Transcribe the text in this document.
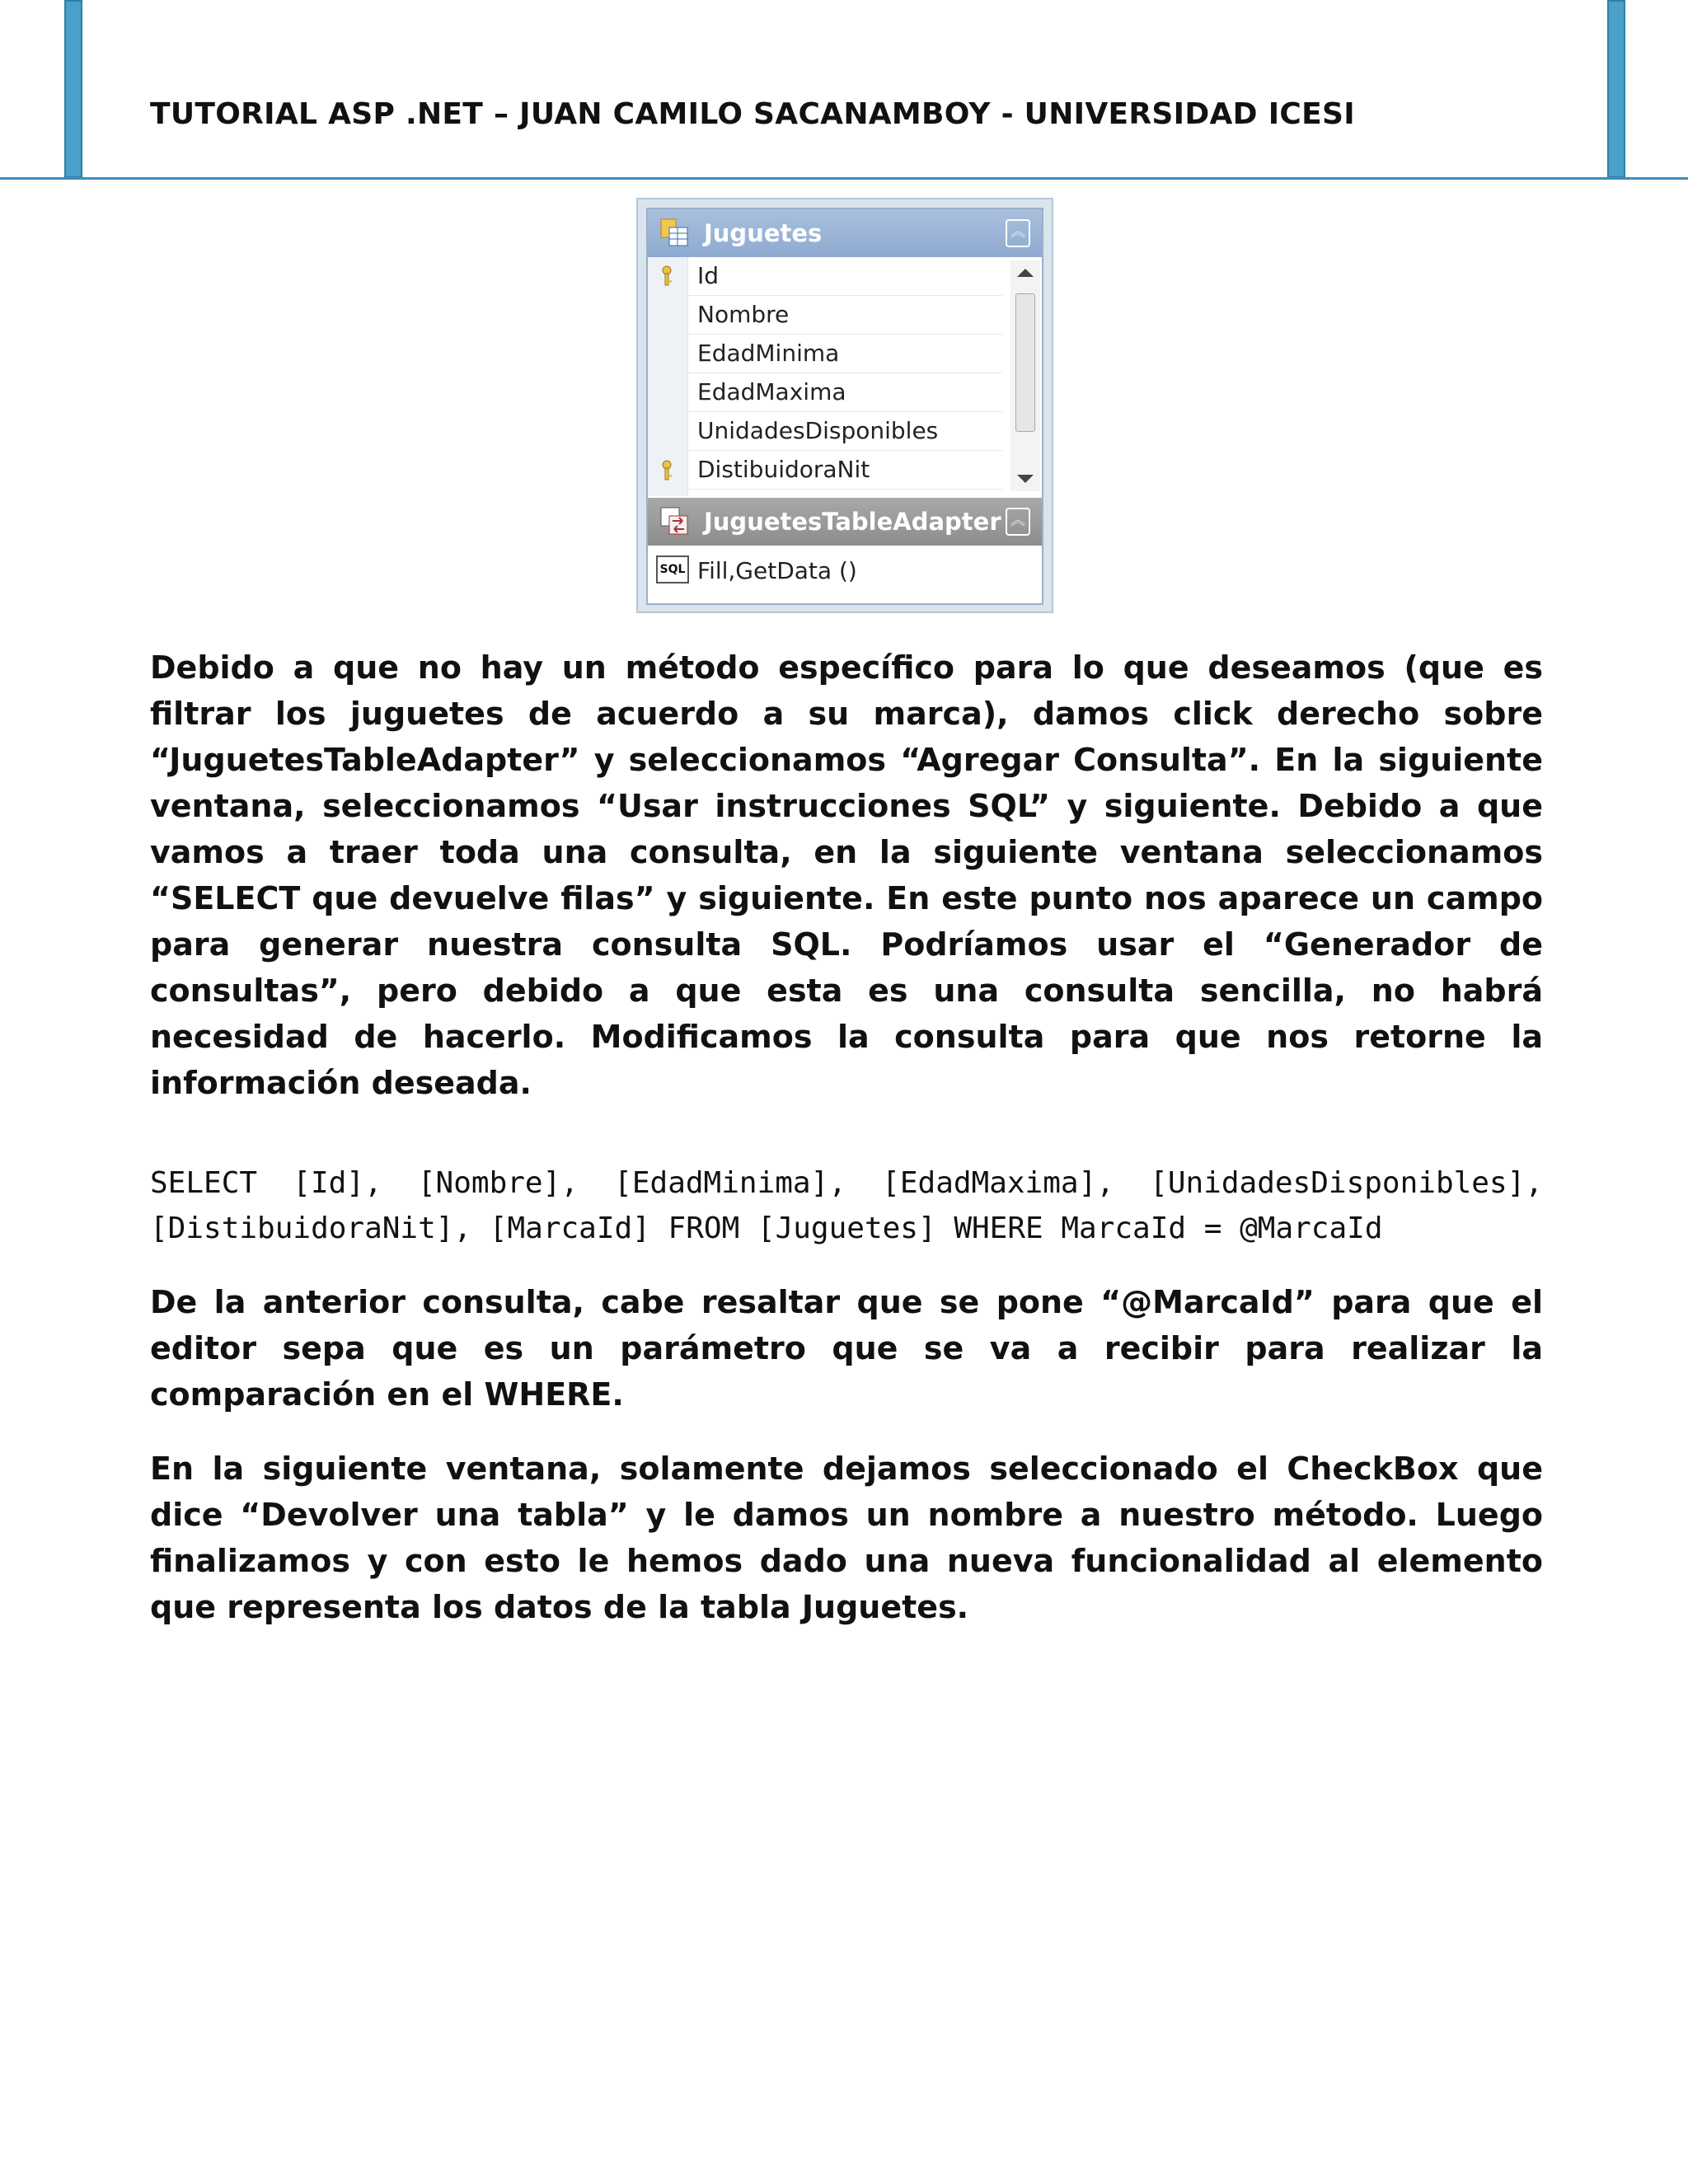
TUTORIAL ASP .NET – JUAN CAMILO SACANAMBOY - UNIVERSIDAD ICESI
Juguetes	︽
Id
Nombre
EdadMinima
EdadMaxima
UnidadesDisponibles
DistibuidoraNit
JuguetesTableAdapter ︽
SQL Fill,GetData ()
Debido a que no hay un método específico para lo que deseamos (que es filtrar los juguetes de acuerdo a su marca), damos click derecho sobre “JuguetesTableAdapter” y seleccionamos “Agregar Consulta”. En la siguiente ventana, seleccionamos “Usar instrucciones SQL” y siguiente. Debido a que vamos a traer toda una consulta, en la siguiente ventana seleccionamos “SELECT que devuelve filas” y siguiente. En este punto nos aparece un campo para generar nuestra consulta SQL. Podríamos usar el “Generador de consultas”, pero debido a que esta es una consulta sencilla, no habrá necesidad de hacerlo. Modificamos la consulta para que nos retorne la información deseada.
SELECT [Id], [Nombre], [EdadMinima], [EdadMaxima], [UnidadesDisponibles], [DistibuidoraNit], [MarcaId] FROM [Juguetes] WHERE MarcaId = @MarcaId
De la anterior consulta, cabe resaltar que se pone “@MarcaId” para que el editor sepa que es un parámetro que se va a recibir para realizar la comparación en el WHERE.
En la siguiente ventana, solamente dejamos seleccionado el CheckBox que dice “Devolver una tabla” y le damos un nombre a nuestro método. Luego finalizamos y con esto le hemos dado una nueva funcionalidad al elemento que representa los datos de la tabla Juguetes.
